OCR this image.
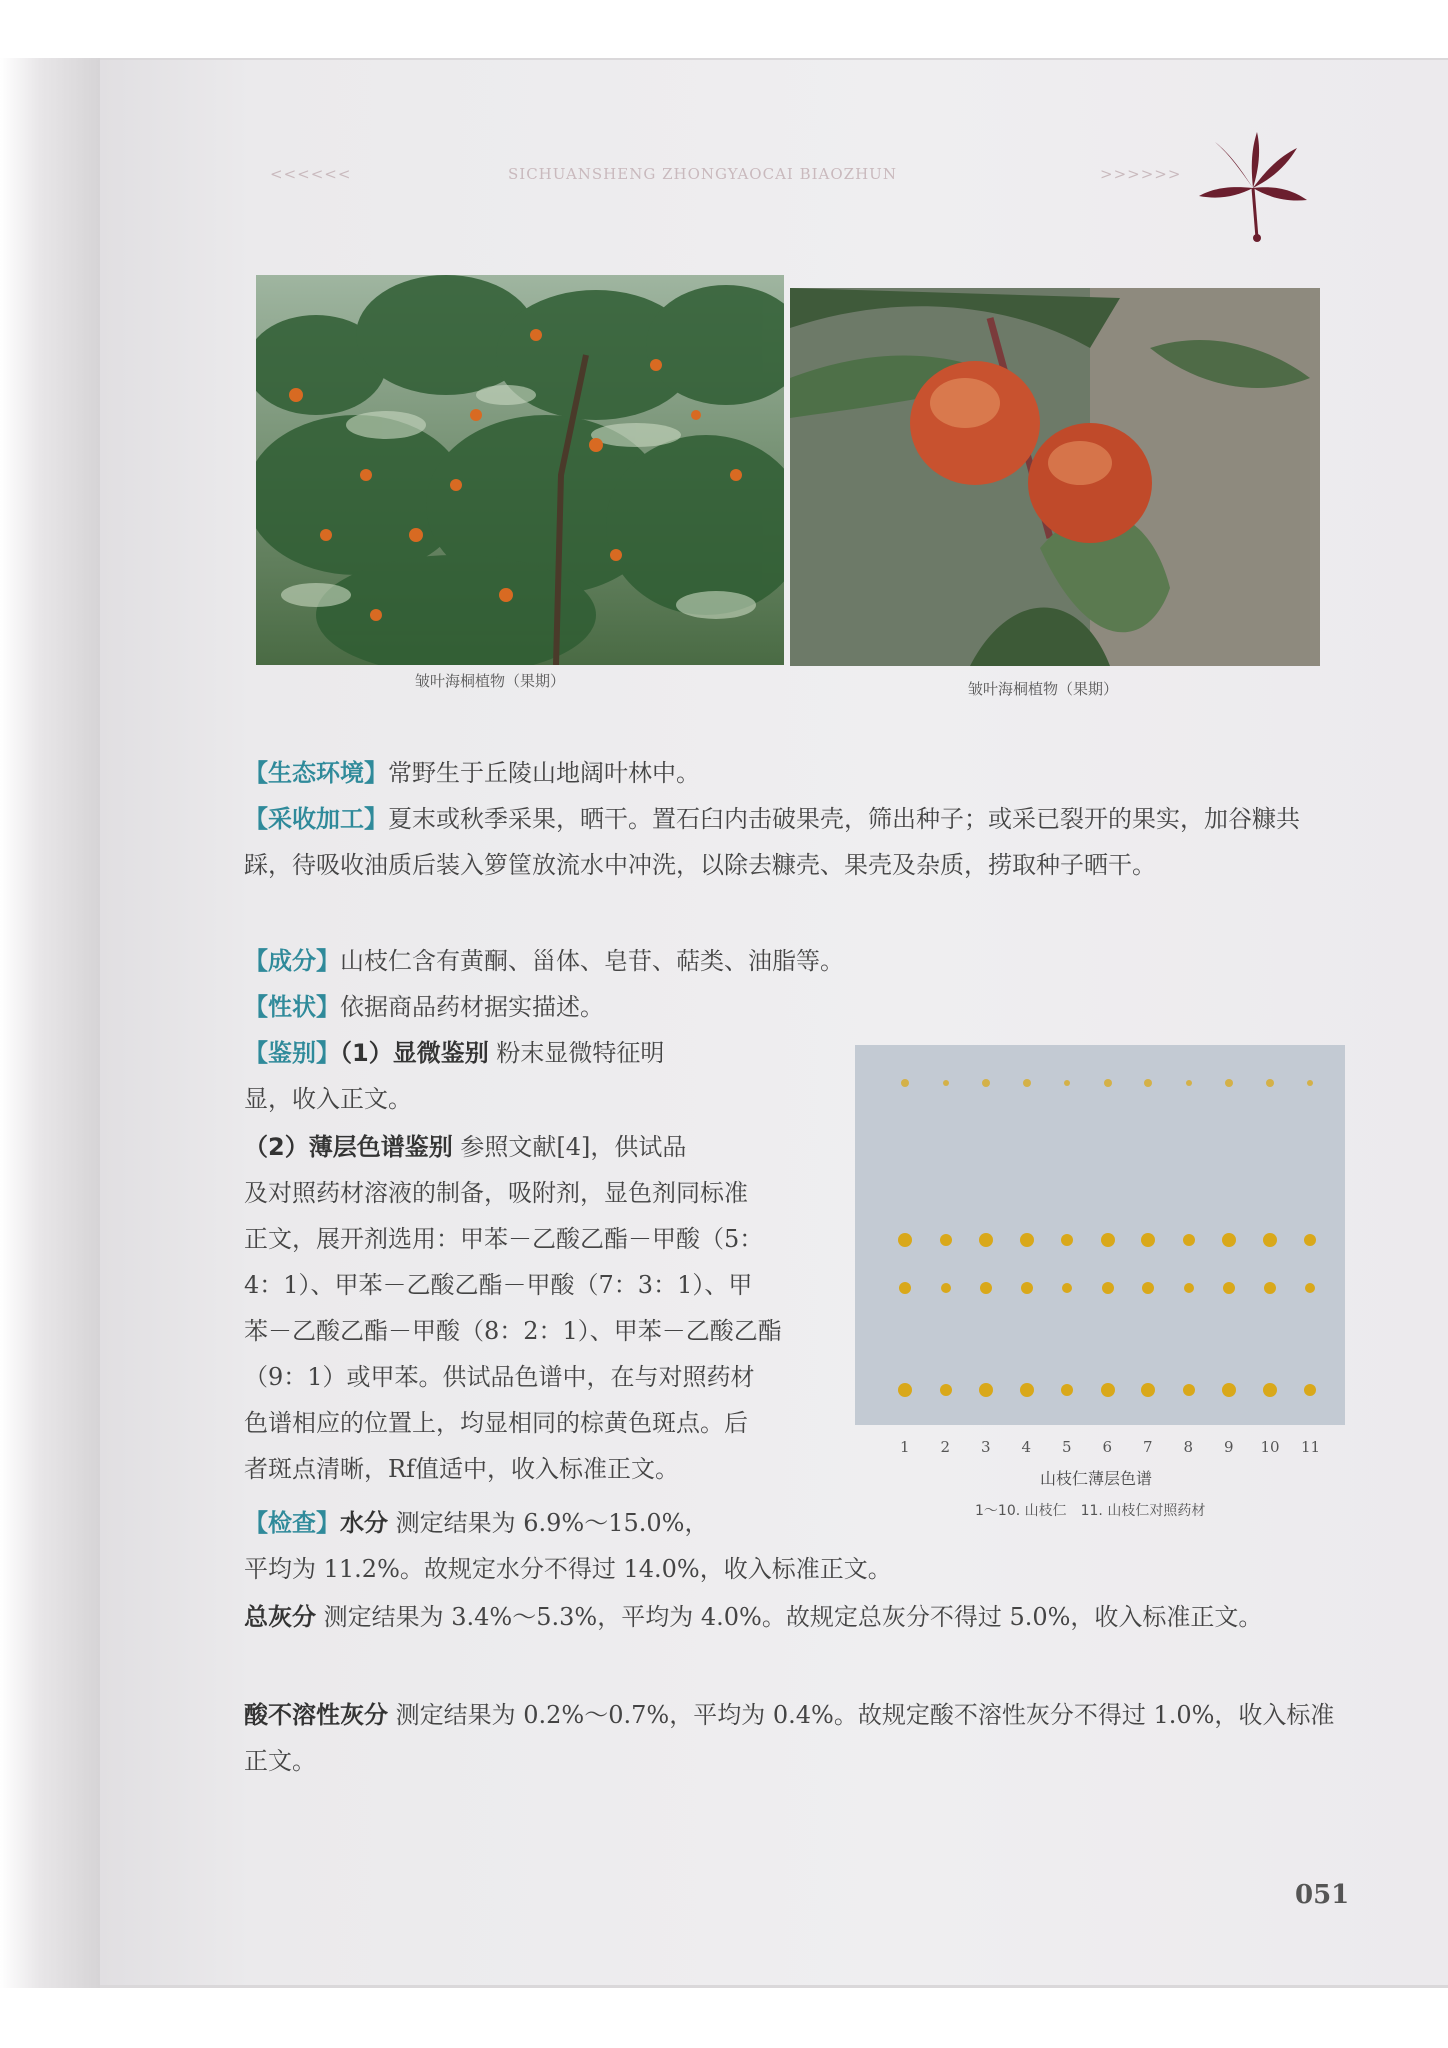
<<<<<<	SICHUANSHENG ZHONGYAOCAI BIAOZHUN	>>>>>>
皱叶海桐植物（果期）	皱叶海桐植物（果期）
【生态环境】常野生于丘陵山地阔叶林中。
【采收加工】夏末或秋季采果，晒干。置石臼内击破果壳，筛出种子；或采已裂开的果实，加谷糠共踩，待吸收油质后装入箩筐放流水中冲洗，以除去糠壳、果壳及杂质，捞取种子晒干。
【成分】山枝仁含有黄酮、甾体、皂苷、萜类、油脂等。
【性状】依据商品药材据实描述。
【鉴别】（1）显微鉴别 粉末显微特征明
显，收入正文。
（2）薄层色谱鉴别 参照文献[4]，供试品
及对照药材溶液的制备，吸附剂，显色剂同标准
正文，展开剂选用：甲苯－乙酸乙酯－甲酸（5：
4：1）、甲苯－乙酸乙酯－甲酸（7：3：1）、甲
苯－乙酸乙酯－甲酸（8：2：1）、甲苯－乙酸乙酯
（9：1）或甲苯。供试品色谱中，在与对照药材
色谱相应的位置上，均显相同的棕黄色斑点。后
者斑点清晰，Rf值适中，收入标准正文。
1 2 3 4 5 6 7 8 9 10 11
山枝仁薄层色谱
1～10. 山枝仁　11. 山枝仁对照药材
【检查】水分 测定结果为 6.9%～15.0%，
平均为 11.2%。故规定水分不得过 14.0%，收入标准正文。
总灰分 测定结果为 3.4%～5.3%，平均为 4.0%。故规定总灰分不得过 5.0%，收入标准正文。
酸不溶性灰分 测定结果为 0.2%～0.7%，平均为 0.4%。故规定酸不溶性灰分不得过 1.0%，收入标准正文。
051
